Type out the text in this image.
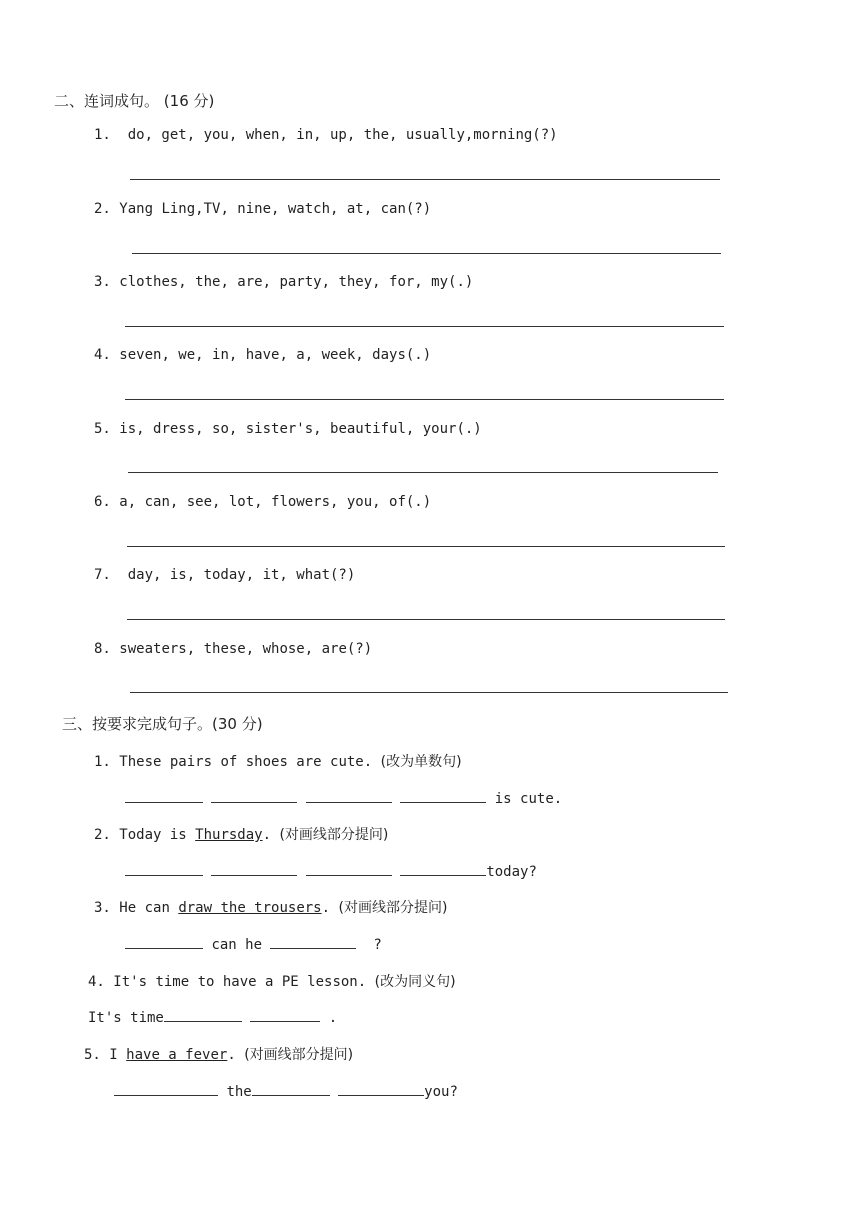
二、连词成句。 (16 分)
1. do, get, you, when, in, up, the, usually,morning(?)
2. Yang Ling,TV, nine, watch, at, can(?)
3. clothes, the, are, party, they, for, my(.)
4. seven, we, in, have, a, week, days(.)
5. is, dress, so, sister's, beautiful, your(.)
6. a, can, see, lot, flowers, you, of(.)
7. day, is, today, it, what(?)
8. sweaters, these, whose, are(?)
三、按要求完成句子。(30 分)
1. These pairs of shoes are cute. (改为单数句)
is cute.
2. Today is Thursday. (对画线部分提问)
today?
3. He can draw the trousers. (对画线部分提问)
can he	?
4. It's time to have a PE lesson. (改为同义句)
It's time	.
5. I have a fever. (对画线部分提问)
the	you?
